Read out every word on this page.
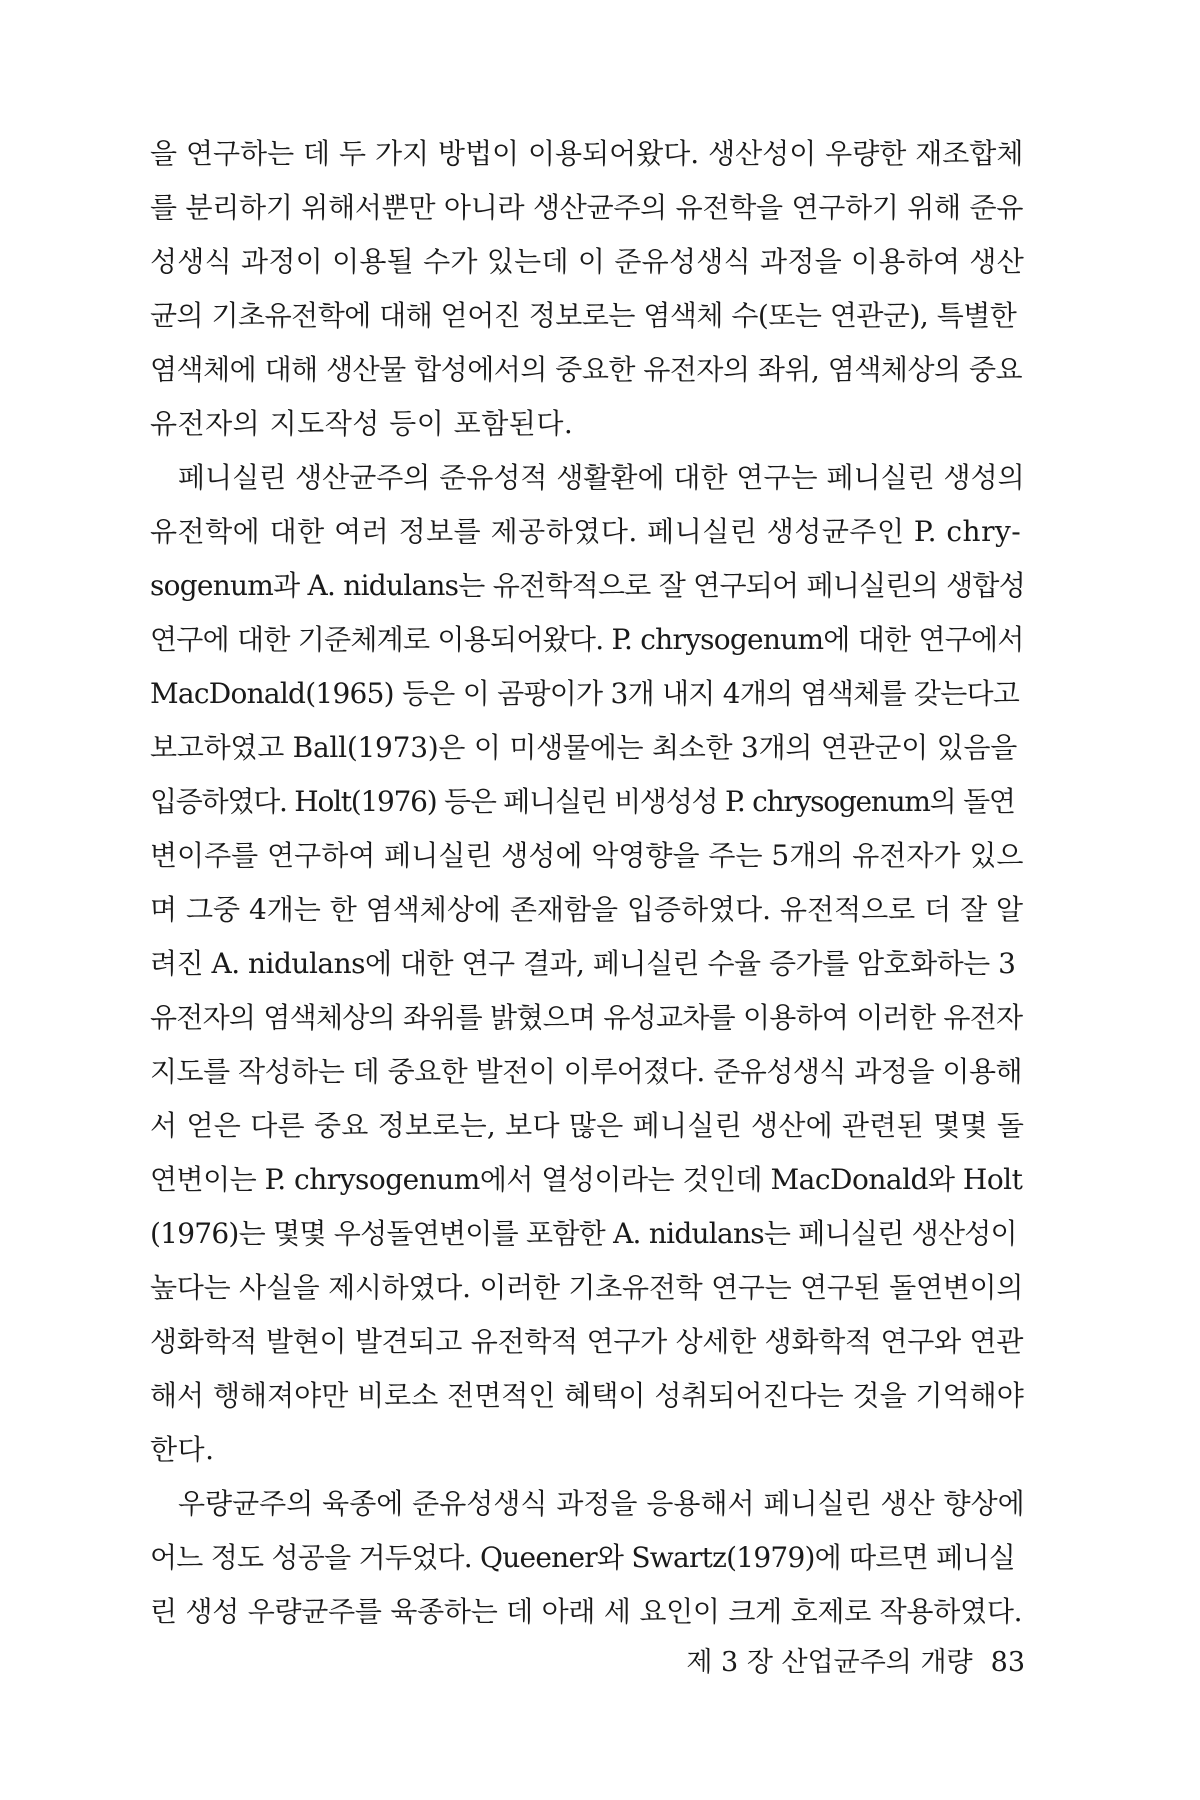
을 연구하는 데 두 가지 방법이 이용되어왔다. 생산성이 우량한 재조합체
를 분리하기 위해서뿐만 아니라 생산균주의 유전학을 연구하기 위해 준유
성생식 과정이 이용될 수가 있는데 이 준유성생식 과정을 이용하여 생산
균의 기초유전학에 대해 얻어진 정보로는 염색체 수(또는 연관군), 특별한
염색체에 대해 생산물 합성에서의 중요한 유전자의 좌위, 염색체상의 중요
유전자의 지도작성 등이 포함된다.
페니실린 생산균주의 준유성적 생활환에 대한 연구는 페니실린 생성의
유전학에 대한 여러 정보를 제공하였다. 페니실린 생성균주인 P. chry-
sogenum과 A. nidulans는 유전학적으로 잘 연구되어 페니실린의 생합성
연구에 대한 기준체계로 이용되어왔다. P. chrysogenum에 대한 연구에서
MacDonald(1965) 등은 이 곰팡이가 3개 내지 4개의 염색체를 갖는다고
보고하였고 Ball(1973)은 이 미생물에는 최소한 3개의 연관군이 있음을
입증하였다. Holt(1976) 등은 페니실린 비생성성 P. chrysogenum의 돌연
변이주를 연구하여 페니실린 생성에 악영향을 주는 5개의 유전자가 있으
며 그중 4개는 한 염색체상에 존재함을 입증하였다. 유전적으로 더 잘 알
려진 A. nidulans에 대한 연구 결과, 페니실린 수율 증가를 암호화하는 3
유전자의 염색체상의 좌위를 밝혔으며 유성교차를 이용하여 이러한 유전자
지도를 작성하는 데 중요한 발전이 이루어졌다. 준유성생식 과정을 이용해
서 얻은 다른 중요 정보로는, 보다 많은 페니실린 생산에 관련된 몇몇 돌
연변이는 P. chrysogenum에서 열성이라는 것인데 MacDonald와 Holt
(1976)는 몇몇 우성돌연변이를 포함한 A. nidulans는 페니실린 생산성이
높다는 사실을 제시하였다. 이러한 기초유전학 연구는 연구된 돌연변이의
생화학적 발현이 발견되고 유전학적 연구가 상세한 생화학적 연구와 연관
해서 행해져야만 비로소 전면적인 혜택이 성취되어진다는 것을 기억해야
한다.
우량균주의 육종에 준유성생식 과정을 응용해서 페니실린 생산 향상에
어느 정도 성공을 거두었다. Queener와 Swartz(1979)에 따르면 페니실
린 생성 우량균주를 육종하는 데 아래 세 요인이 크게 호제로 작용하였다.
제 3 장 산업균주의 개량 83
